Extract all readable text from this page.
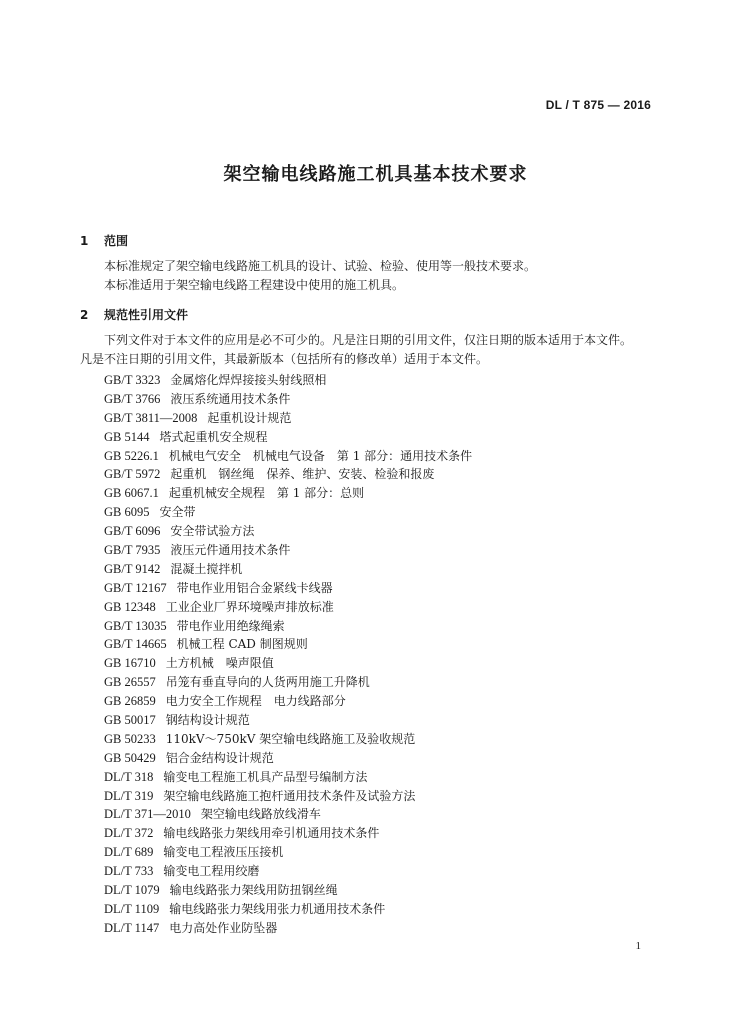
DL / T 875 — 2016
架空输电线路施工机具基本技术要求
1 范围
本标准规定了架空输电线路施工机具的设计、试验、检验、使用等一般技术要求。
本标准适用于架空输电线路工程建设中使用的施工机具。
2 规范性引用文件
下列文件对于本文件的应用是必不可少的。凡是注日期的引用文件，仅注日期的版本适用于本文件。
凡是不注日期的引用文件，其最新版本（包括所有的修改单）适用于本文件。
GB/T 3323 金属熔化焊焊接接头射线照相
GB/T 3766 液压系统通用技术条件
GB/T 3811—2008 起重机设计规范
GB 5144 塔式起重机安全规程
GB 5226.1 机械电气安全　机械电气设备　第 1 部分：通用技术条件
GB/T 5972 起重机　钢丝绳　保养、维护、安装、检验和报废
GB 6067.1 起重机械安全规程　第 1 部分：总则
GB 6095 安全带
GB/T 6096 安全带试验方法
GB/T 7935 液压元件通用技术条件
GB/T 9142 混凝土搅拌机
GB/T 12167 带电作业用铝合金紧线卡线器
GB 12348 工业企业厂界环境噪声排放标准
GB/T 13035 带电作业用绝缘绳索
GB/T 14665 机械工程 CAD 制图规则
GB 16710 土方机械　噪声限值
GB 26557 吊笼有垂直导向的人货两用施工升降机
GB 26859 电力安全工作规程　电力线路部分
GB 50017 钢结构设计规范
GB 50233 110kV～750kV 架空输电线路施工及验收规范
GB 50429 铝合金结构设计规范
DL/T 318 输变电工程施工机具产品型号编制方法
DL/T 319 架空输电线路施工抱杆通用技术条件及试验方法
DL/T 371—2010 架空输电线路放线滑车
DL/T 372 输电线路张力架线用牵引机通用技术条件
DL/T 689 输变电工程液压压接机
DL/T 733 输变电工程用绞磨
DL/T 1079 输电线路张力架线用防扭钢丝绳
DL/T 1109 输电线路张力架线用张力机通用技术条件
DL/T 1147 电力高处作业防坠器
1
